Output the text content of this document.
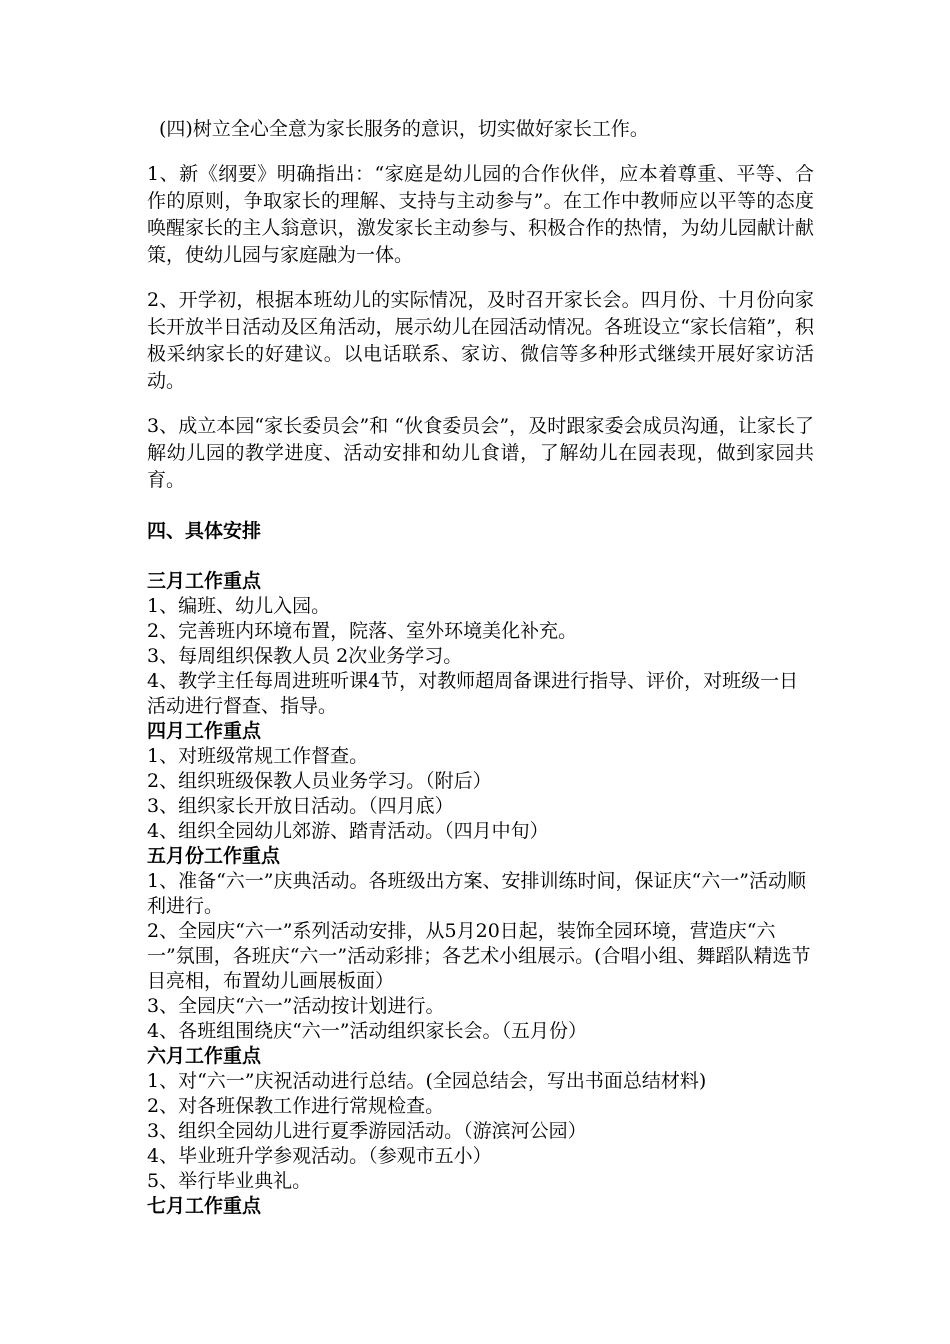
(四)树立全心全意为家长服务的意识，切实做好家长工作。

1、新《纲要》明确指出：“家庭是幼儿园的合作伙伴，应本着尊重、平等、合作的原则，争取家长的理解、支持与主动参与”。在工作中教师应以平等的态度唤醒家长的主人翁意识，激发家长主动参与、积极合作的热情，为幼儿园献计献策，使幼儿园与家庭融为一体。

2、开学初，根据本班幼儿的实际情况，及时召开家长会。四月份、十月份向家长开放半日活动及区角活动，展示幼儿在园活动情况。各班设立“家长信箱”，积极采纳家长的好建议。以电话联系、家访、微信等多种形式继续开展好家访活动。

3、成立本园“家长委员会”和 “伙食委员会”，及时跟家委会成员沟通，让家长了解幼儿园的教学进度、活动安排和幼儿食谱，了解幼儿在园表现，做到家园共育。

四、具体安排

三月工作重点

1、编班、幼儿入园。

2、完善班内环境布置，院落、室外环境美化补充。

3、每周组织保教人员 2次业务学习。

4、教学主任每周进班听课4节，对教师超周备课进行指导、评价，对班级一日活动进行督查、指导。

四月工作重点

1、对班级常规工作督查。

2、组织班级保教人员业务学习。（附后）

3、组织家长开放日活动。（四月底）

4、组织全园幼儿郊游、踏青活动。（四月中旬）

五月份工作重点

1、准备“六一”庆典活动。各班级出方案、安排训练时间，保证庆“六一”活动顺利进行。

2、全园庆“六一”系列活动安排，从5月20日起，装饰全园环境，营造庆“六一”氛围，各班庆“六一”活动彩排；各艺术小组展示。(合唱小组、舞蹈队精选节目亮相，布置幼儿画展板面）

3、全园庆“六一”活动按计划进行。

4、各班组围绕庆“六一”活动组织家长会。（五月份）

六月工作重点

1、对“六一”庆祝活动进行总结。(全园总结会，写出书面总结材料)

2、对各班保教工作进行常规检查。

3、组织全园幼儿进行夏季游园活动。（游滨河公园）

4、毕业班升学参观活动。（参观市五小）

5、举行毕业典礼。

七月工作重点
